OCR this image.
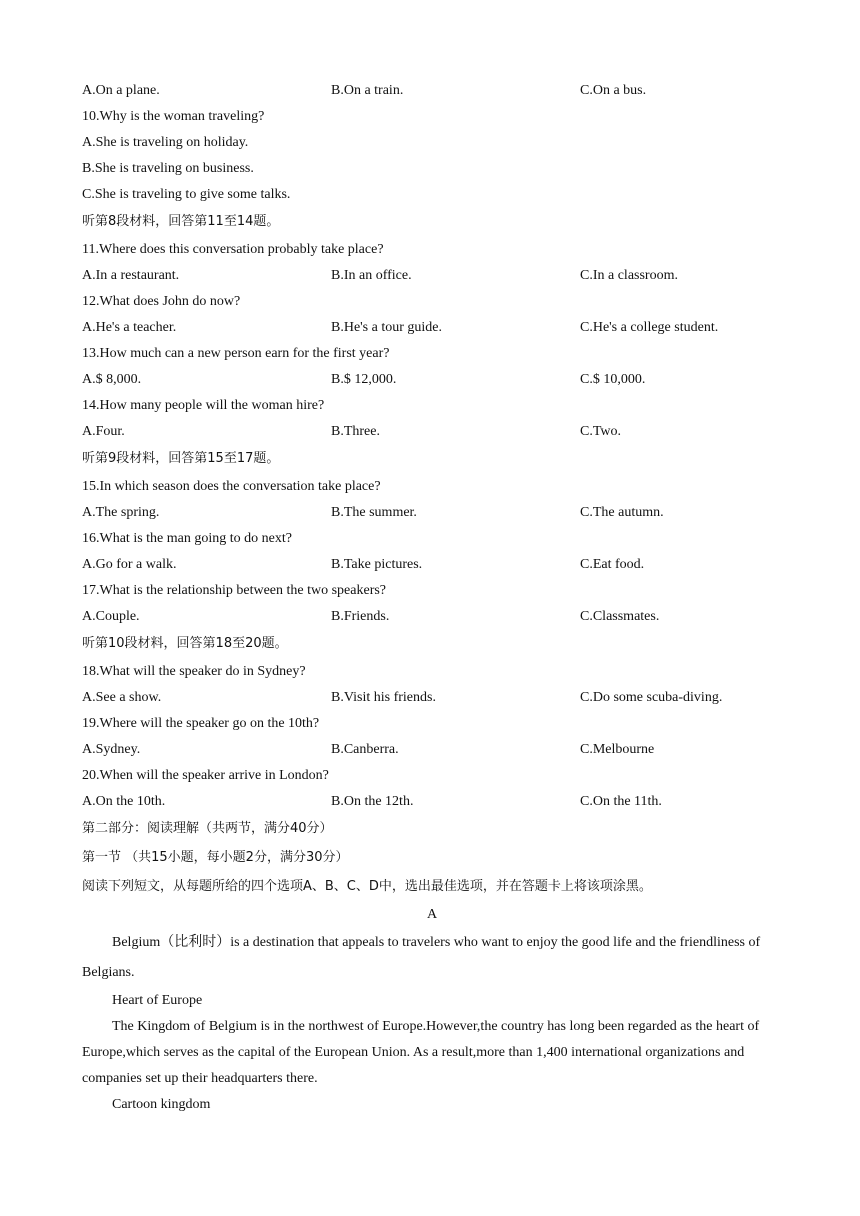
A.On a plane.	B.On a train.	C.On a bus.
10.Why is the woman traveling?
A.She is traveling on holiday.
B.She is traveling on business.
C.She is traveling to give some talks.
听第8段材料，回答第11至14题。
11.Where does this conversation probably take place?
A.In a restaurant.	B.In an office.	C.In a classroom.
12.What does John do now?
A.He's a teacher.	B.He's a tour guide.	C.He's a college student.
13.How much can a new person earn for the first year?
A.$ 8,000.	B.$ 12,000.	C.$ 10,000.
14.How many people will the woman hire?
A.Four.	B.Three.	C.Two.
听第9段材料，回答第15至17题。
15.In which season does the conversation take place?
A.The spring.	B.The summer.	C.The autumn.
16.What is the man going to do next?
A.Go for a walk.	B.Take pictures.	C.Eat food.
17.What is the relationship between the two speakers?
A.Couple.	B.Friends.	C.Classmates.
听第10段材料，回答第18至20题。
18.What will the speaker do in Sydney?
A.See a show.	B.Visit his friends.	C.Do some scuba-diving.
19.Where will the speaker go on the 10th?
A.Sydney.	B.Canberra.	C.Melbourne
20.When will the speaker arrive in London?
A.On the 10th.	B.On the 12th.	C.On the 11th.
第二部分：阅读理解（共两节，满分40分）
第一节 （共15小题，每小题2分，满分30分）
阅读下列短文，从每题所给的四个选项A、B、C、D中，选出最佳选项，并在答题卡上将该项涂黑。
A
Belgium（比利时）is a destination that appeals to travelers who want to enjoy the good life and the friendliness of Belgians.
Heart of Europe
The Kingdom of Belgium is in the northwest of Europe.However,the country has long been regarded as the heart of Europe,which serves as the capital of the European Union. As a result,more than 1,400 international organizations and companies set up their headquarters there.
Cartoon kingdom
